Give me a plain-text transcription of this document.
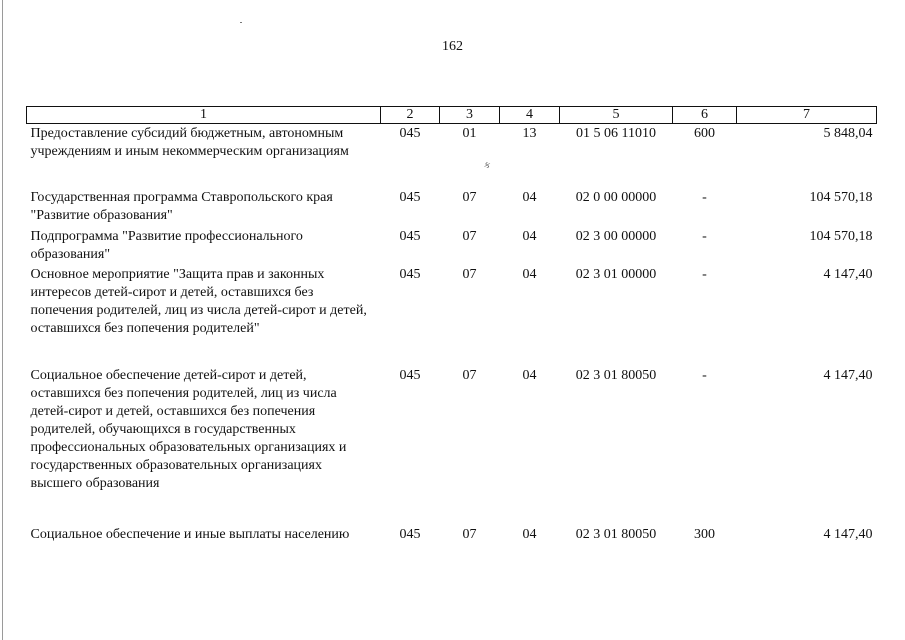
162
ક
1	2	3	4	5	6	7
Предоставление субсидий бюджетным, автономным учреждениям и иным некоммерческим организациям	045	01	13	01 5 06 11010	600	5 848,04
Государственная программа Ставропольского края "Развитие образования"	045	07	04	02 0 00 00000	-	104 570,18
Подпрограмма "Развитие профессионального образования"	045	07	04	02 3 00 00000	-	104 570,18
Основное мероприятие "Защита прав и законных интересов детей-сирот и детей, оставшихся без попечения родителей, лиц из числа детей-сирот и детей, оставшихся без попечения родителей"	045	07	04	02 3 01 00000	-	4 147,40
Социальное обеспечение детей-сирот и детей, оставшихся без попечения родителей, лиц из числа детей-сирот и детей, оставшихся без попечения родителей, обучающихся в государственных профессиональных образовательных организациях и государственных образовательных организациях высшего образования	045	07	04	02 3 01 80050	-	4 147,40
Социальное обеспечение и иные выплаты населению	045	07	04	02 3 01 80050	300	4 147,40
